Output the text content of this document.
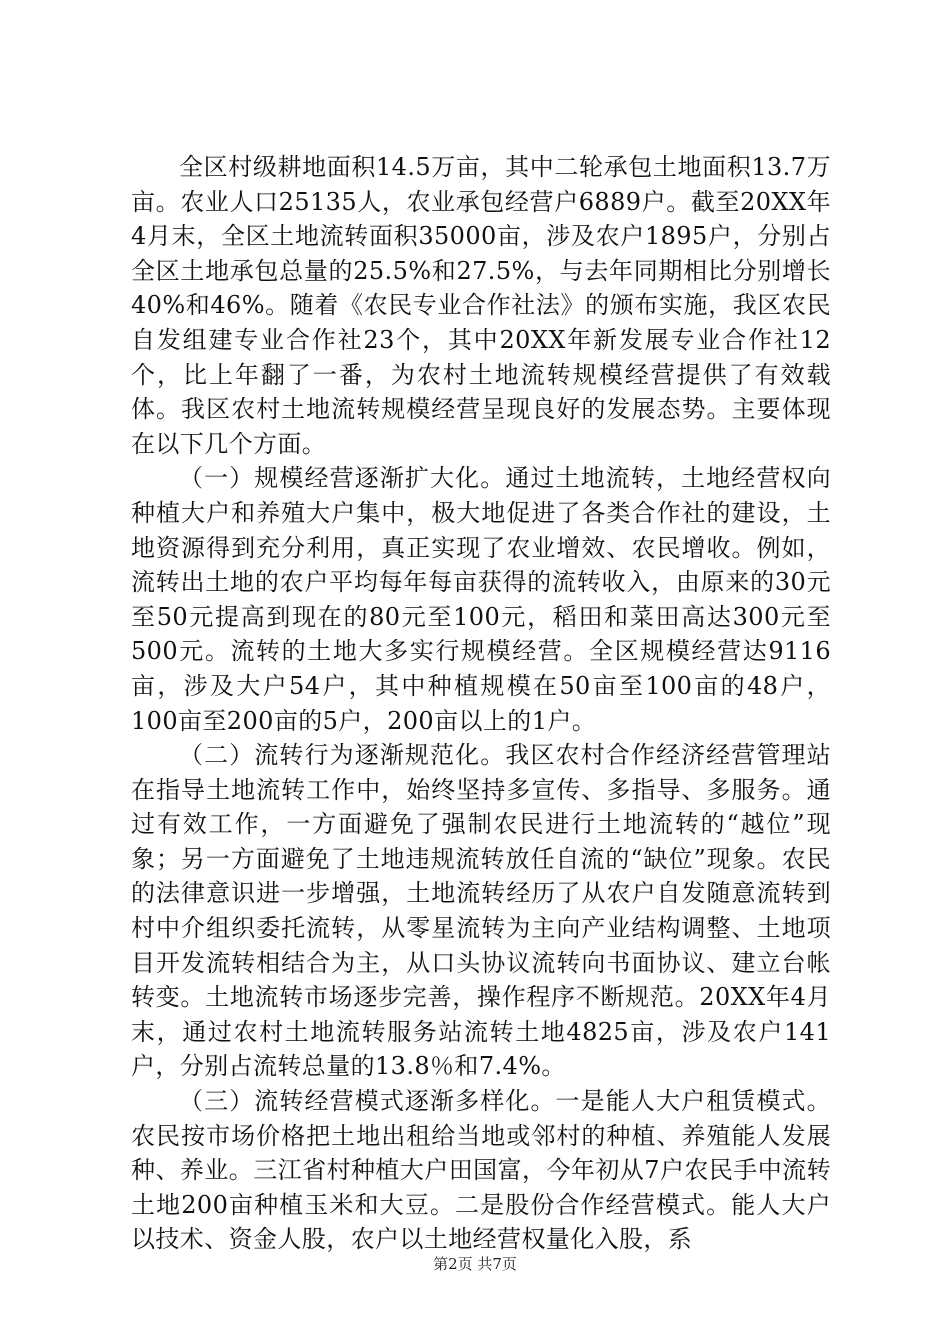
全区村级耕地面积14.5万亩，其中二轮承包土地面积13.7万亩。农业人口25135人，农业承包经营户6889户。截至20XX年4月末，全区土地流转面积35000亩，涉及农户1895户，分别占全区土地承包总量的25.5%和27.5%，与去年同期相比分别增长40%和46%。随着《农民专业合作社法》的颁布实施，我区农民自发组建专业合作社23个，其中20XX年新发展专业合作社12个，比上年翻了一番，为农村土地流转规模经营提供了有效载体。我区农村土地流转规模经营呈现良好的发展态势。主要体现在以下几个方面。

（一）规模经营逐渐扩大化。通过土地流转，土地经营权向种植大户和养殖大户集中，极大地促进了各类合作社的建设，土地资源得到充分利用，真正实现了农业增效、农民增收。例如，流转出土地的农户平均每年每亩获得的流转收入，由原来的30元至50元提高到现在的80元至100元，稻田和菜田高达300元至500元。流转的土地大多实行规模经营。全区规模经营达9116亩，涉及大户54户，其中种植规模在50亩至100亩的48户，100亩至200亩的5户，200亩以上的1户。

（二）流转行为逐渐规范化。我区农村合作经济经营管理站在指导土地流转工作中，始终坚持多宣传、多指导、多服务。通过有效工作，一方面避免了强制农民进行土地流转的“越位”现象；另一方面避免了土地违规流转放任自流的“缺位”现象。农民的法律意识进一步增强，土地流转经历了从农户自发随意流转到村中介组织委托流转，从零星流转为主向产业结构调整、土地项目开发流转相结合为主，从口头协议流转向书面协议、建立台帐转变。土地流转市场逐步完善，操作程序不断规范。20XX年4月末，通过农村土地流转服务站流转土地4825亩，涉及农户141户，分别占流转总量的13.8％和7.4%。

（三）流转经营模式逐渐多样化。一是能人大户租赁模式。农民按市场价格把土地出租给当地或邻村的种植、养殖能人发展种、养业。三江省村种植大户田国富，今年初从7户农民手中流转土地200亩种植玉米和大豆。二是股份合作经营模式。能人大户以技术、资金人股，农户以土地经营权量化入股，系

第2页 共7页
